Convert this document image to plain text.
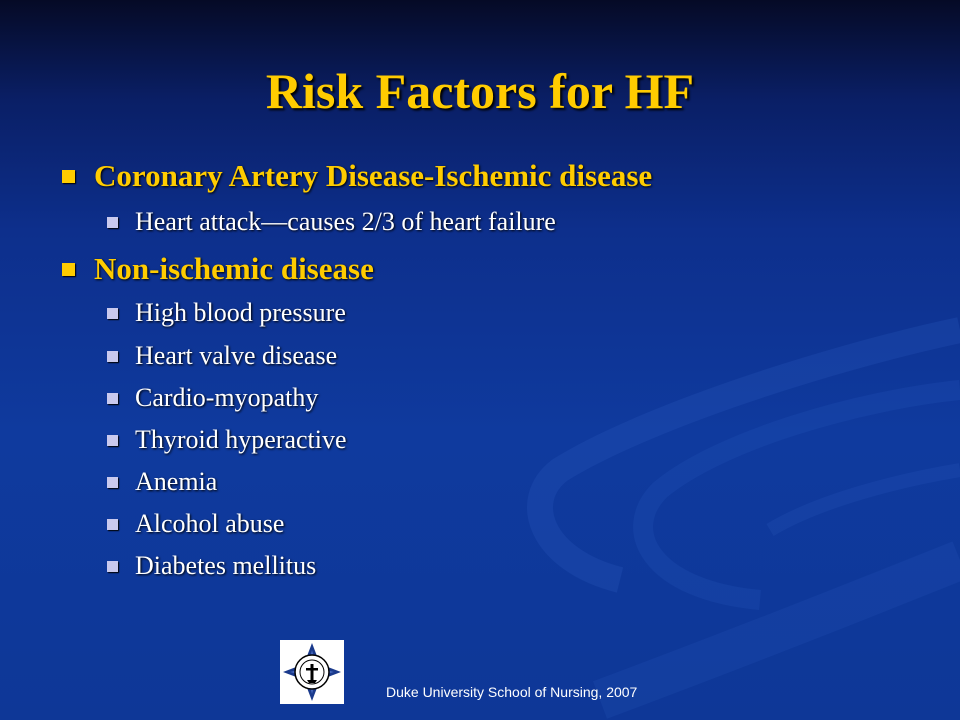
Risk Factors for HF
Coronary Artery Disease-Ischemic disease
Heart attack—causes 2/3 of heart failure
Non-ischemic disease
High blood pressure
Heart valve disease
Cardio-myopathy
Thyroid hyperactive
Anemia
Alcohol abuse
Diabetes mellitus
Duke University School of Nursing, 2007
